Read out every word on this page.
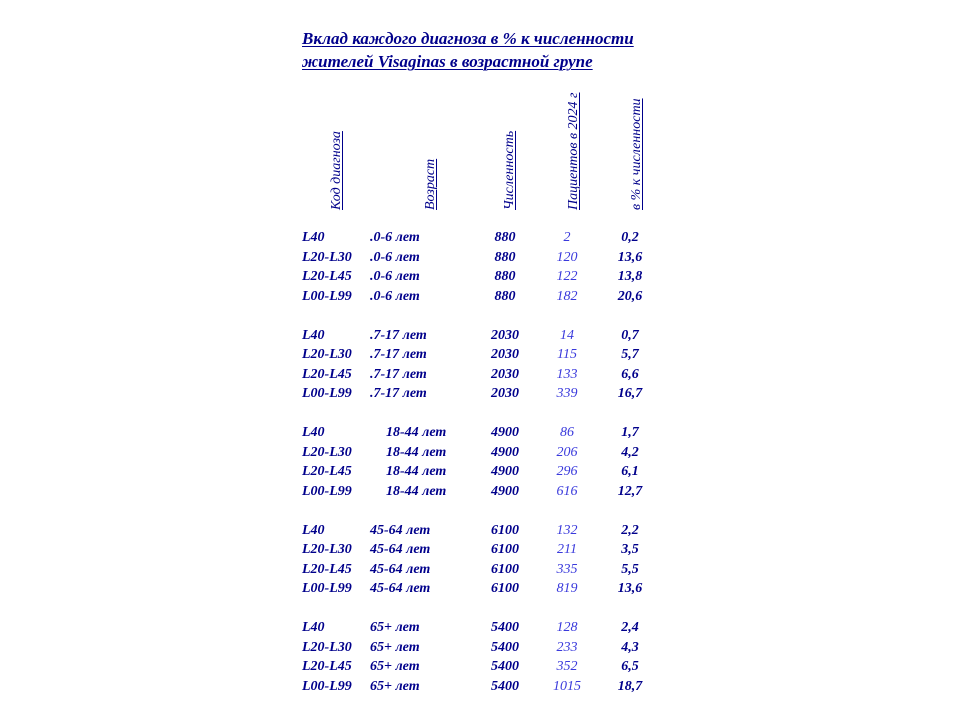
Вклад каждого диагноза в % к численности
жителей Visaginas в возрастной групе
Код диагноза	Возраст	Численность	Пациентов в 2024 г	в % к численности
L40	.0-6 лет	880	2	0,2
L20-L30 .0-6 лет	880	120	13,6
L20-L45 .0-6 лет	880	122	13,8
L00-L99 .0-6 лет	880	182	20,6
L40	.7-17 лет	2030	14	0,7
L20-L30 .7-17 лет	2030	115	5,7
L20-L45 .7-17 лет	2030	133	6,6
L00-L99 .7-17 лет	2030	339	16,7
L40	18-44 лет	4900	86	1,7
L20-L30 18-44 лет	4900	206	4,2
L20-L45 18-44 лет	4900	296	6,1
L00-L99 18-44 лет	4900	616	12,7
L40	45-64 лет	6100	132	2,2
L20-L30 45-64 лет	6100	211	3,5
L20-L45 45-64 лет	6100	335	5,5
L00-L99 45-64 лет	6100	819	13,6
L40	65+ лет	5400	128	2,4
L20-L30 65+ лет	5400	233	4,3
L20-L45 65+ лет	5400	352	6,5
L00-L99 65+ лет	5400	1015	18,7
